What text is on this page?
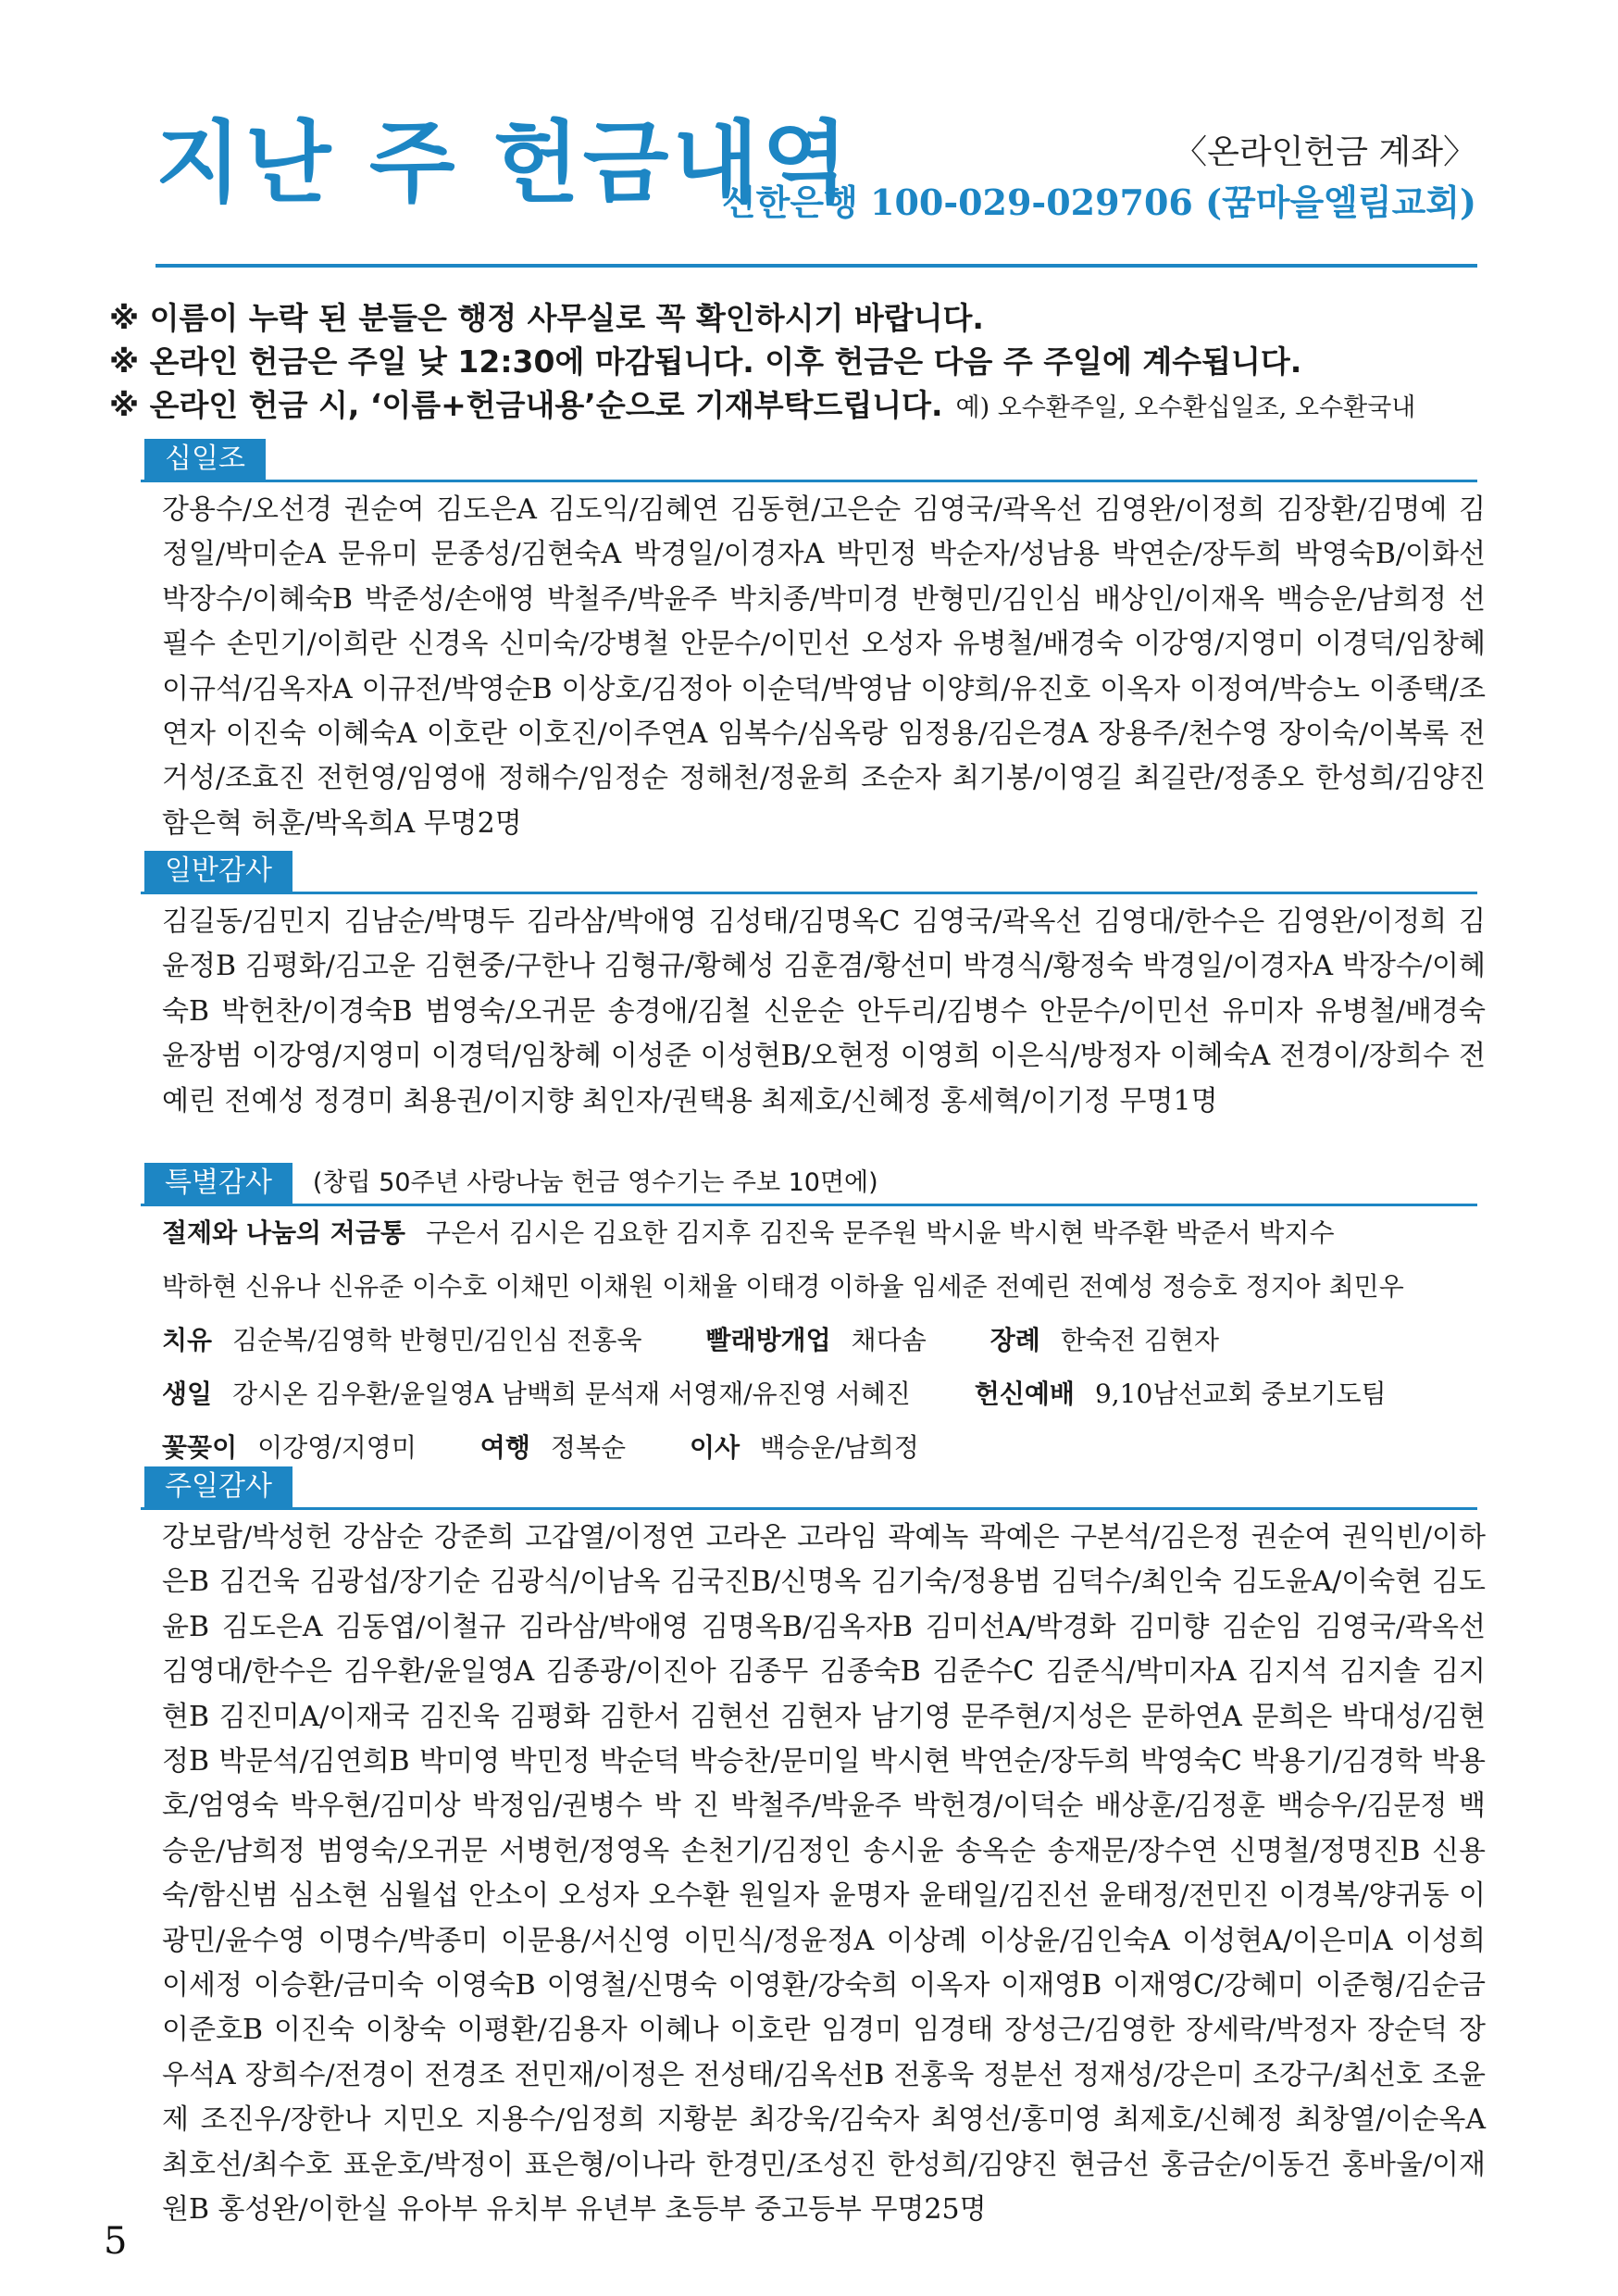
지난 주 헌금내역	〈온라인헌금 계좌〉
신한은행 100-029-029706 (꿈마을엘림교회)
※ 이름이 누락 된 분들은 행정 사무실로 꼭 확인하시기 바랍니다.
※ 온라인 헌금은 주일 낮 12:30에 마감됩니다. 이후 헌금은 다음 주 주일에 계수됩니다.
※ 온라인 헌금 시, ‘이름+헌금내용’순으로 기재부탁드립니다. 예) 오수환주일, 오수환십일조, 오수환국내
십일조
강용수/오선경 권순여 김도은A 김도익/김혜연 김동현/고은순 김영국/곽옥선 김영완/이정희 김장환/김명예 김정일/박미순A 문유미 문종성/김현숙A 박경일/이경자A 박민정 박순자/성남용 박연순/장두희 박영숙B/이화선 박장수/이혜숙B 박준성/손애영 박철주/박윤주 박치종/박미경 반형민/김인심 배상인/이재옥 백승운/남희정 선필수 손민기/이희란 신경옥 신미숙/강병철 안문수/이민선 오성자 유병철/배경숙 이강영/지영미 이경덕/임창혜 이규석/김옥자A 이규전/박영순B 이상호/김정아 이순덕/박영남 이양희/유진호 이옥자 이정여/박승노 이종택/조연자 이진숙 이혜숙A 이호란 이호진/이주연A 임복수/심옥랑 임정용/김은경A 장용주/천수영 장이숙/이복록 전거성/조효진 전헌영/임영애 정해수/임정순 정해천/정윤희 조순자 최기봉/이영길 최길란/정종오 한성희/김양진 함은혁 허훈/박옥희A 무명2명
일반감사
김길동/김민지 김남순/박명두 김라삼/박애영 김성태/김명옥C 김영국/곽옥선 김영대/한수은 김영완/이정희 김윤정B 김평화/김고운 김현중/구한나 김형규/황혜성 김훈겸/황선미 박경식/황정숙 박경일/이경자A 박장수/이혜숙B 박헌찬/이경숙B 범영숙/오귀문 송경애/김철 신운순 안두리/김병수 안문수/이민선 유미자 유병철/배경숙 윤장범 이강영/지영미 이경덕/임창혜 이성준 이성현B/오현정 이영희 이은식/방정자 이혜숙A 전경이/장희수 전예린 전예성 정경미 최용권/이지향 최인자/권택용 최제호/신혜정 홍세혁/이기정 무명1명
특별감사	(창립 50주년 사랑나눔 헌금 영수기는 주보 10면에)
절제와 나눔의 저금통 구은서 김시은 김요한 김지후 김진욱 문주원 박시윤 박시현 박주환 박준서 박지수
박하현 신유나 신유준 이수호 이채민 이채원 이채율 이태경 이하율 임세준 전예린 전예성 정승호 정지아 최민우
치유 김순복/김영학 반형민/김인심 전홍욱 빨래방개업 채다솜 장례 한숙전 김현자
생일 강시온 김우환/윤일영A 남백희 문석재 서영재/유진영 서혜진 헌신예배 9,10남선교회 중보기도팀
꽃꽂이 이강영/지영미 여행 정복순 이사 백승운/남희정
주일감사
강보람/박성헌 강삼순 강준희 고갑열/이정연 고라온 고라임 곽예녹 곽예은 구본석/김은정 권순여 권익빈/이하은B 김건욱 김광섭/장기순 김광식/이남옥 김국진B/신명옥 김기숙/정용범 김덕수/최인숙 김도윤A/이숙현 김도윤B 김도은A 김동엽/이철규 김라삼/박애영 김명옥B/김옥자B 김미선A/박경화 김미향 김순임 김영국/곽옥선 김영대/한수은 김우환/윤일영A 김종광/이진아 김종무 김종숙B 김준수C 김준식/박미자A 김지석 김지솔 김지현B 김진미A/이재국 김진욱 김평화 김한서 김현선 김현자 남기영 문주현/지성은 문하연A 문희은 박대성/김현정B 박문석/김연희B 박미영 박민정 박순덕 박승찬/문미일 박시현 박연순/장두희 박영숙C 박용기/김경학 박용호/엄영숙 박우현/김미상 박정임/권병수 박 진 박철주/박윤주 박헌경/이덕순 배상훈/김정훈 백승우/김문정 백승운/남희정 범영숙/오귀문 서병헌/정영옥 손천기/김정인 송시윤 송옥순 송재문/장수연 신명철/정명진B 신용숙/함신범 심소현 심월섭 안소이 오성자 오수환 원일자 윤명자 윤태일/김진선 윤태정/전민진 이경복/양귀동 이광민/윤수영 이명수/박종미 이문용/서신영 이민식/정윤정A 이상례 이상윤/김인숙A 이성현A/이은미A 이성희 이세정 이승환/금미숙 이영숙B 이영철/신명숙 이영환/강숙희 이옥자 이재영B 이재영C/강혜미 이준형/김순금 이준호B 이진숙 이창숙 이평환/김용자 이혜나 이호란 임경미 임경태 장성근/김영한 장세락/박정자 장순덕 장우석A 장희수/전경이 전경조 전민재/이정은 전성태/김옥선B 전홍욱 정분선 정재성/강은미 조강구/최선호 조윤제 조진우/장한나 지민오 지용수/임정희 지황분 최강욱/김숙자 최영선/홍미영 최제호/신혜정 최창열/이순옥A 최호선/최수호 표운호/박정이 표은형/이나라 한경민/조성진 한성희/김양진 현금선 홍금순/이동건 홍바울/이재원B 홍성완/이한실 유아부 유치부 유년부 초등부 중고등부 무명25명
5
